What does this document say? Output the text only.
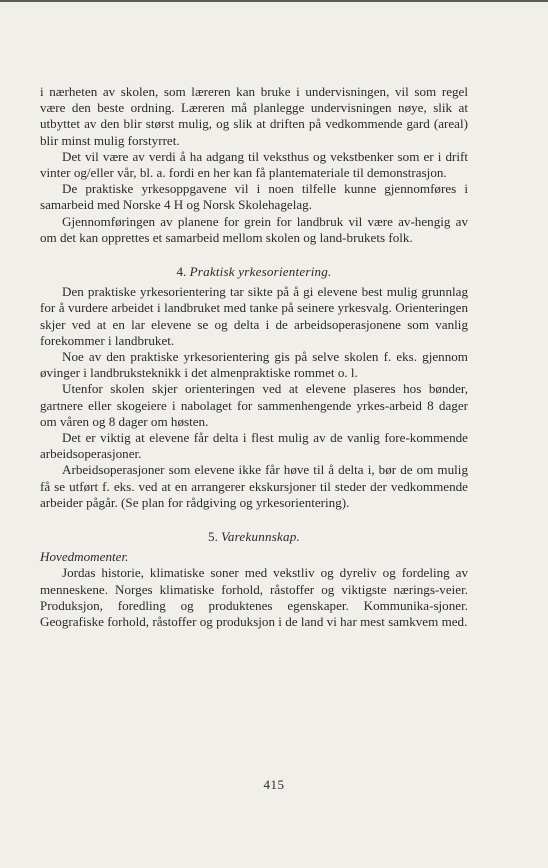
i nærheten av skolen, som læreren kan bruke i undervisningen, vil som regel være den beste ordning. Læreren må planlegge undervisningen nøye, slik at utbyttet av den blir størst mulig, og slik at driften på vedkommende gard (areal) blir minst mulig forstyrret.

Det vil være av verdi å ha adgang til veksthus og vekstbenker som er i drift vinter og/eller vår, bl. a. fordi en her kan få plantemateriale til demonstrasjon.

De praktiske yrkesoppgavene vil i noen tilfelle kunne gjennomføres i samarbeid med Norske 4 H og Norsk Skolehagelag.

Gjennomføringen av planene for grein for landbruk vil være av-hengig av om det kan opprettes et samarbeid mellom skolen og land-brukets folk.

4. Praktisk yrkesorientering.

Den praktiske yrkesorientering tar sikte på å gi elevene best mulig grunnlag for å vurdere arbeidet i landbruket med tanke på seinere yrkesvalg. Orienteringen skjer ved at en lar elevene se og delta i de arbeidsoperasjonene som vanlig forekommer i landbruket.

Noe av den praktiske yrkesorientering gis på selve skolen f. eks. gjennom øvinger i landbruksteknikk i det almenpraktiske rommet o. l.

Utenfor skolen skjer orienteringen ved at elevene plaseres hos bønder, gartnere eller skogeiere i nabolaget for sammenhengende yrkes-arbeid 8 dager om våren og 8 dager om høsten.

Det er viktig at elevene får delta i flest mulig av de vanlig fore-kommende arbeidsoperasjoner.

Arbeidsoperasjoner som elevene ikke får høve til å delta i, bør de om mulig få se utført f. eks. ved at en arrangerer ekskursjoner til steder der vedkommende arbeider pågår. (Se plan for rådgiving og yrkesorientering).

5. Varekunnskap.

Hovedmomenter.

Jordas historie, klimatiske soner med vekstliv og dyreliv og fordeling av menneskene. Norges klimatiske forhold, råstoffer og viktigste nærings-veier. Produksjon, foredling og produktenes egenskaper. Kommunika-sjoner. Geografiske forhold, råstoffer og produksjon i de land vi har mest samkvem med.

415
